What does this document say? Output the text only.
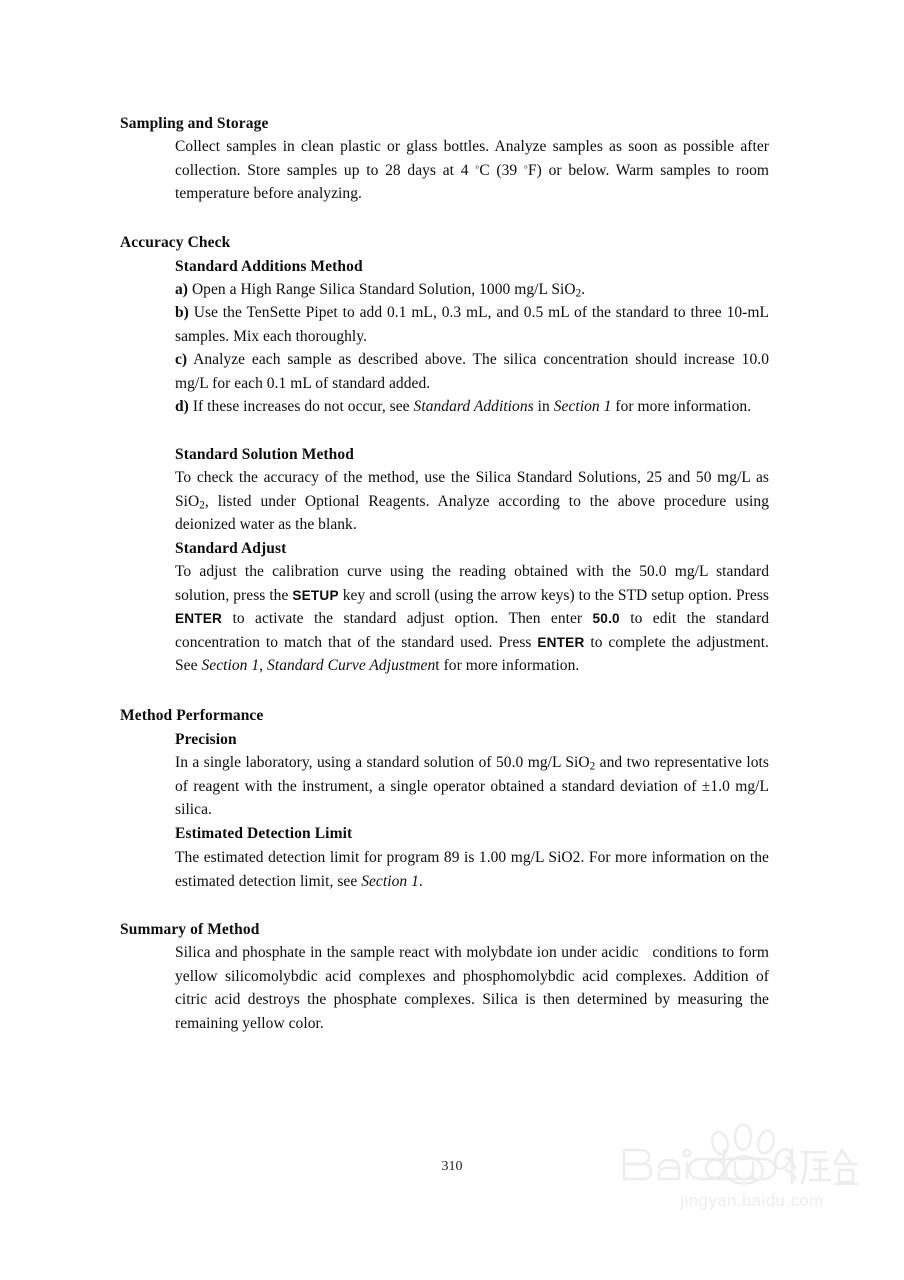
Sampling and Storage
Collect samples in clean plastic or glass bottles. Analyze samples as soon as possible after collection. Store samples up to 28 days at 4 °C (39 °F) or below. Warm samples to room temperature before analyzing.
Accuracy Check
Standard Additions Method
a) Open a High Range Silica Standard Solution, 1000 mg/L SiO$_2$.
b) Use the TenSette Pipet to add 0.1 mL, 0.3 mL, and 0.5 mL of the standard to three 10-mL samples. Mix each thoroughly.
c) Analyze each sample as described above. The silica concentration should increase 10.0 mg/L for each 0.1 mL of standard added.
d) If these increases do not occur, see Standard Additions in Section 1 for more information.
Standard Solution Method
To check the accuracy of the method, use the Silica Standard Solutions, 25 and 50 mg/L as SiO$_2$, listed under Optional Reagents. Analyze according to the above procedure using deionized water as the blank.
Standard Adjust
To adjust the calibration curve using the reading obtained with the 50.0 mg/L standard solution, press the SETUP key and scroll (using the arrow keys) to the STD setup option. Press ENTER to activate the standard adjust option. Then enter 50.0 to edit the standard concentration to match that of the standard used. Press ENTER to complete the adjustment. See Section 1, Standard Curve Adjustment for more information.
Method Performance
Precision
In a single laboratory, using a standard solution of 50.0 mg/L SiO$_2$ and two representative lots of reagent with the instrument, a single operator obtained a standard deviation of ±1.0 mg/L silica.
Estimated Detection Limit
The estimated detection limit for program 89 is 1.00 mg/L SiO2. For more information on the estimated detection limit, see Section 1.
Summary of Method
Silica and phosphate in the sample react with molybdate ion under acidic   conditions to form yellow silicomolybdic acid complexes and phosphomolybdic acid complexes. Addition of citric acid destroys the phosphate complexes. Silica is then determined by measuring the remaining yellow color.
310
jingyan.baidu.com
